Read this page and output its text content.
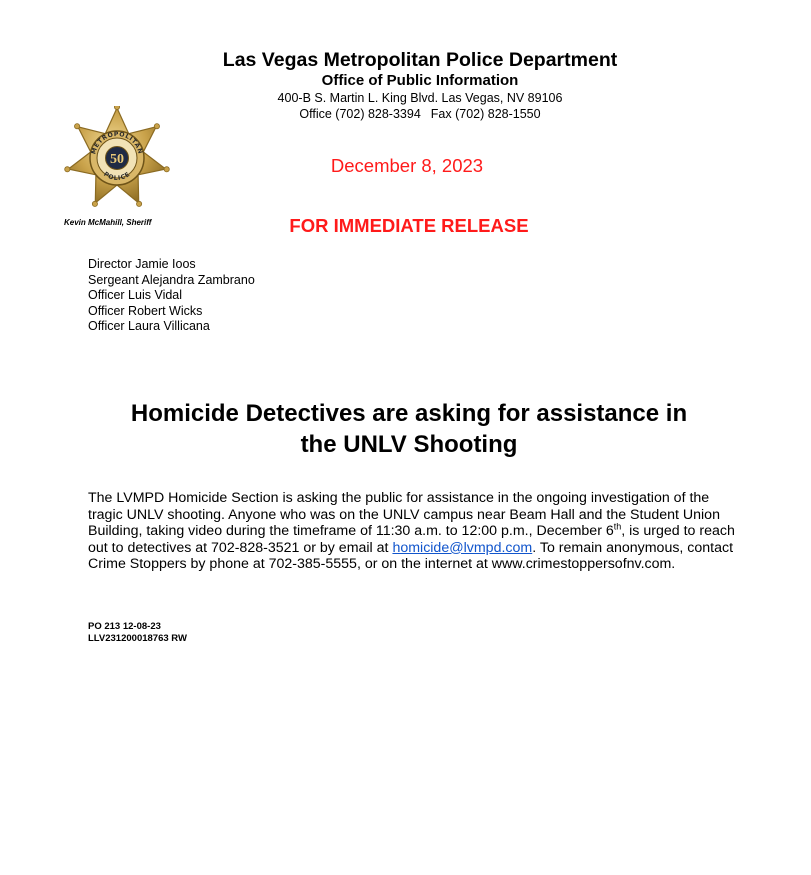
Las Vegas Metropolitan Police Department
Office of Public Information
400-B S. Martin L. King Blvd. Las Vegas, NV 89106
Office (702) 828-3394 Fax (702) 828-1550
METROPOLITAN
POLICE
50
Kevin McMahill, Sheriff
December 8, 2023
FOR IMMEDIATE RELEASE
Director Jamie Ioos
Sergeant Alejandra Zambrano
Officer Luis Vidal
Officer Robert Wicks
Officer Laura Villicana
Homicide Detectives are asking for assistance in
the UNLV Shooting
The LVMPD Homicide Section is asking the public for assistance in the ongoing investigation of the tragic UNLV shooting. Anyone who was on the UNLV campus near Beam Hall and the Student Union Building, taking video during the timeframe of 11:30 a.m. to 12:00 p.m., December 6th, is urged to reach out to detectives at 702-828-3521 or by email at homicide@lvmpd.com. To remain anonymous, contact Crime Stoppers by phone at 702-385-5555, or on the internet at www.crimestoppersofnv.com.
PO 213 12-08-23
LLV231200018763 RW
